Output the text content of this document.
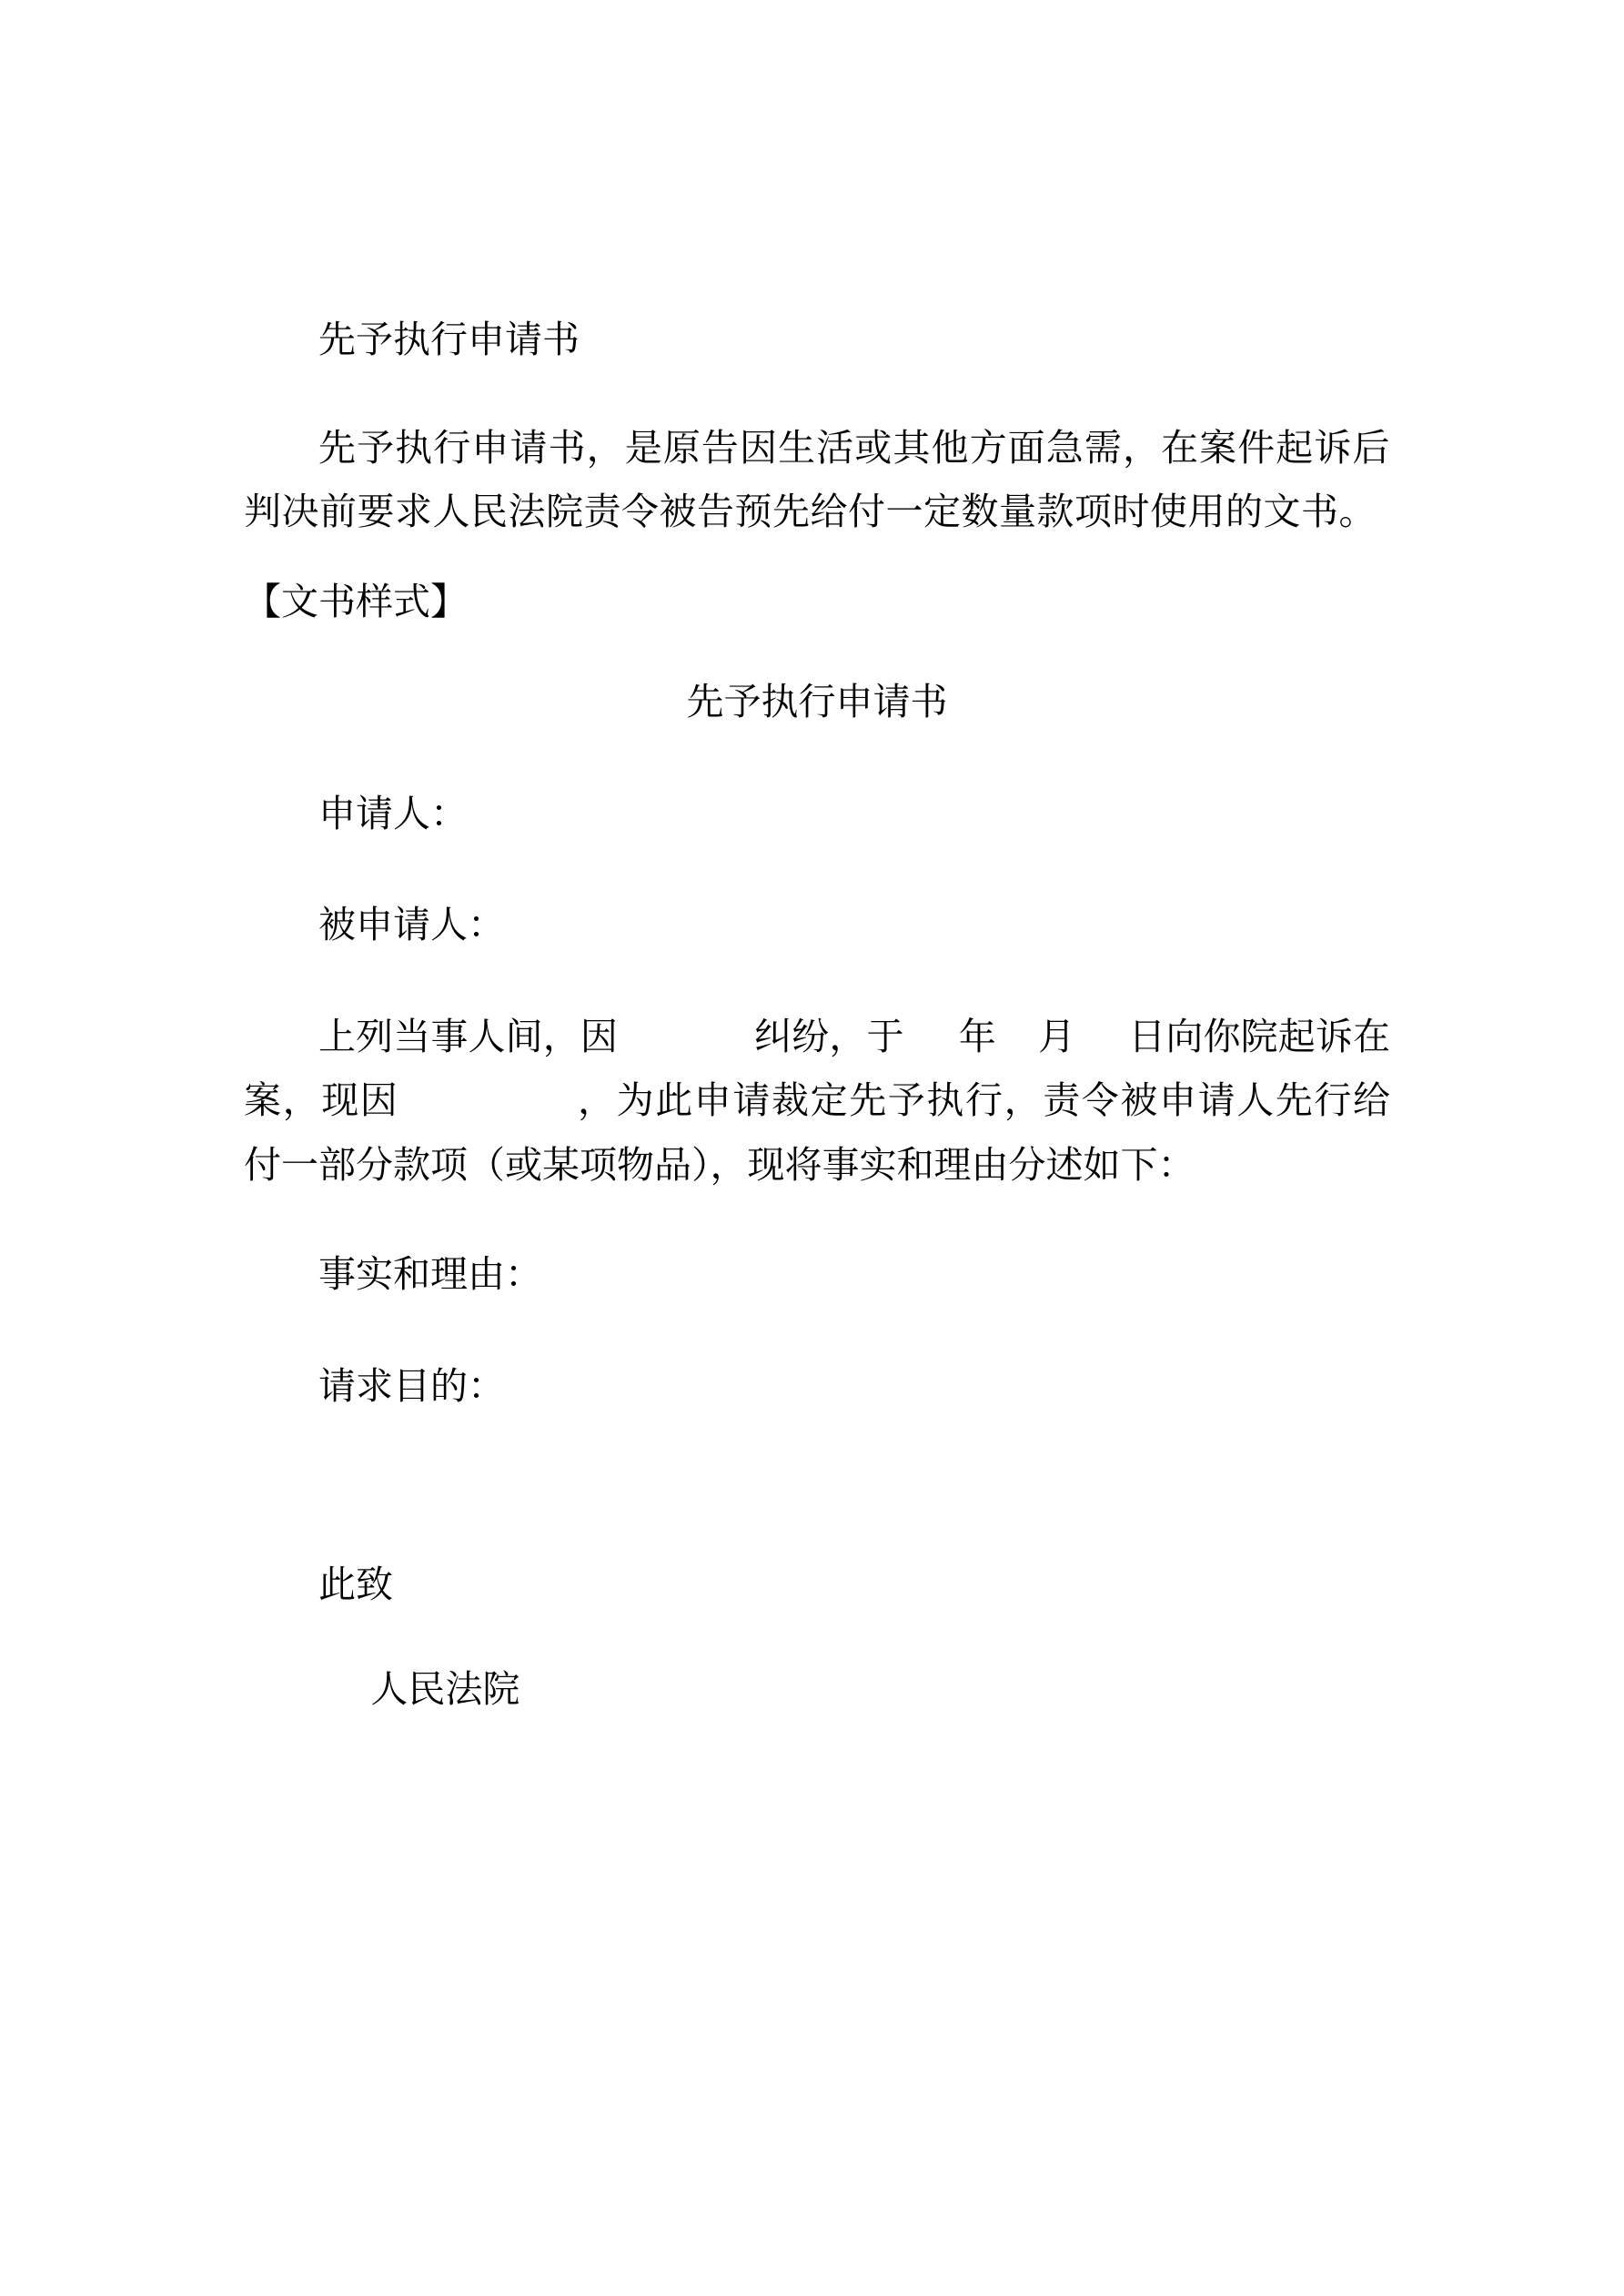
先予执行申请书

先予执行申请书，是原告因生活或其他方面急需，在案件起诉后判决前要求人民法院责令被告预先给付一定数量款项时使用的文书。

【文书样式】

先予执行申请书

申请人：

被申请人：

上列当事人间，因	纠纷，于 年 月 日向你院起诉在案，现因	，为此申请裁定先予执行，责令被申请人先行给付一部分款项（或某项物品），现将事实和理由分述如下：

事实和理由：

请求目的：

此致

人民法院
